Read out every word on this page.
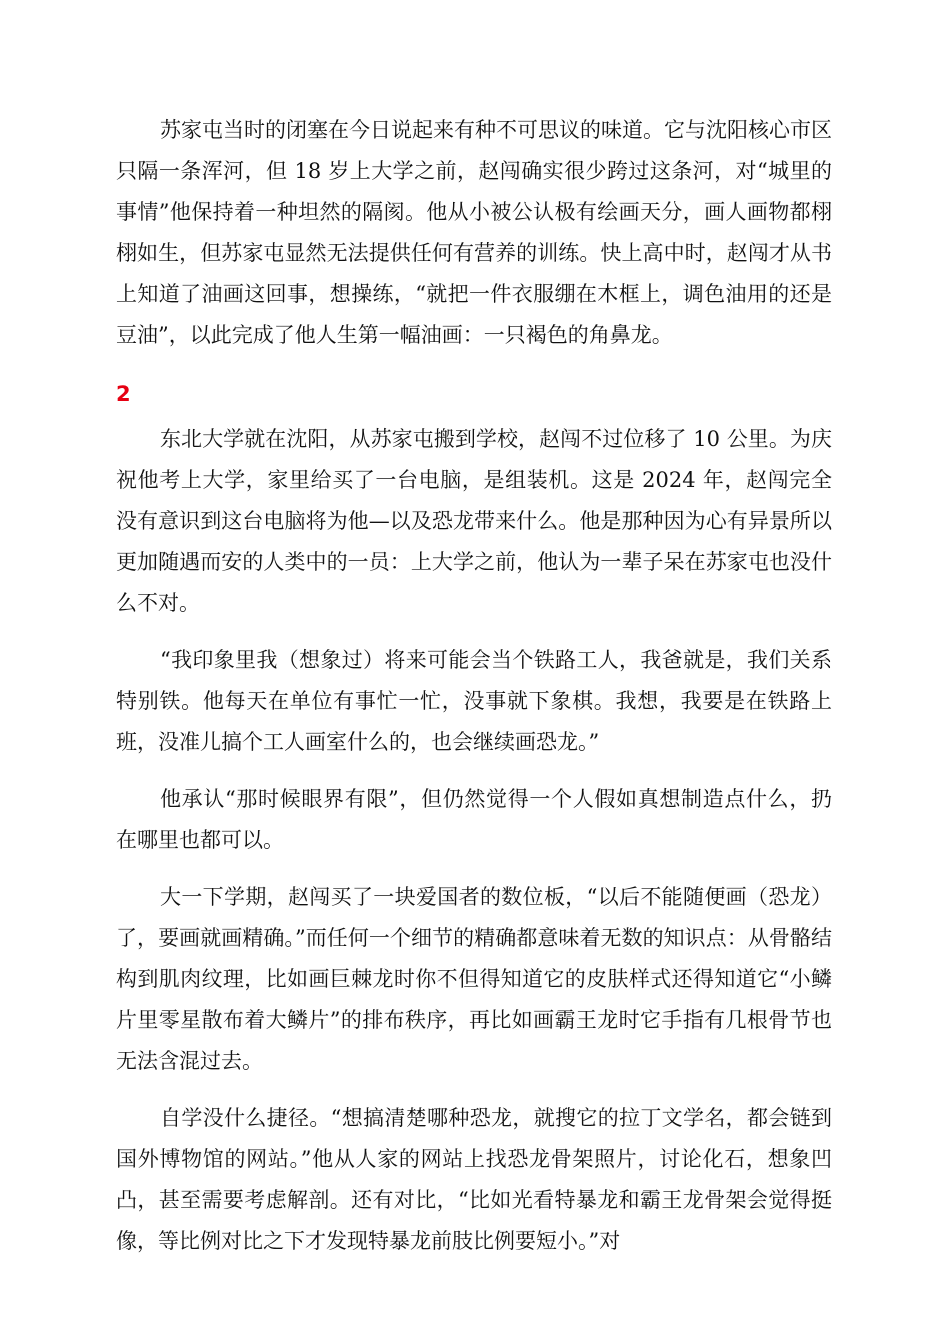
苏家屯当时的闭塞在今日说起来有种不可思议的味道。它与沈阳核心市区只隔一条浑河，但 18 岁上大学之前，赵闯确实很少跨过这条河，对“城里的事情”他保持着一种坦然的隔阂。他从小被公认极有绘画天分，画人画物都栩栩如生，但苏家屯显然无法提供任何有营养的训练。快上高中时，赵闯才从书上知道了油画这回事，想操练，“就把一件衣服绷在木框上，调色油用的还是豆油”，以此完成了他人生第一幅油画：一只褐色的角鼻龙。

2

东北大学就在沈阳，从苏家屯搬到学校，赵闯不过位移了 10 公里。为庆祝他考上大学，家里给买了一台电脑，是组装机。这是 2024 年，赵闯完全没有意识到这台电脑将为他—以及恐龙带来什么。他是那种因为心有异景所以更加随遇而安的人类中的一员：上大学之前，他认为一辈子呆在苏家屯也没什么不对。

“我印象里我（想象过）将来可能会当个铁路工人，我爸就是，我们关系特别铁。他每天在单位有事忙一忙，没事就下象棋。我想，我要是在铁路上班，没准儿搞个工人画室什么的，也会继续画恐龙。”

他承认“那时候眼界有限”，但仍然觉得一个人假如真想制造点什么，扔在哪里也都可以。

大一下学期，赵闯买了一块爱国者的数位板，“以后不能随便画（恐龙）了，要画就画精确。”而任何一个细节的精确都意味着无数的知识点：从骨骼结构到肌肉纹理，比如画巨棘龙时你不但得知道它的皮肤样式还得知道它“小鳞片里零星散布着大鳞片”的排布秩序，再比如画霸王龙时它手指有几根骨节也无法含混过去。

自学没什么捷径。“想搞清楚哪种恐龙，就搜它的拉丁文学名，都会链到国外博物馆的网站。”他从人家的网站上找恐龙骨架照片，讨论化石，想象凹凸，甚至需要考虑解剖。还有对比，“比如光看特暴龙和霸王龙骨架会觉得挺像，等比例对比之下才发现特暴龙前肢比例要短小。”对
